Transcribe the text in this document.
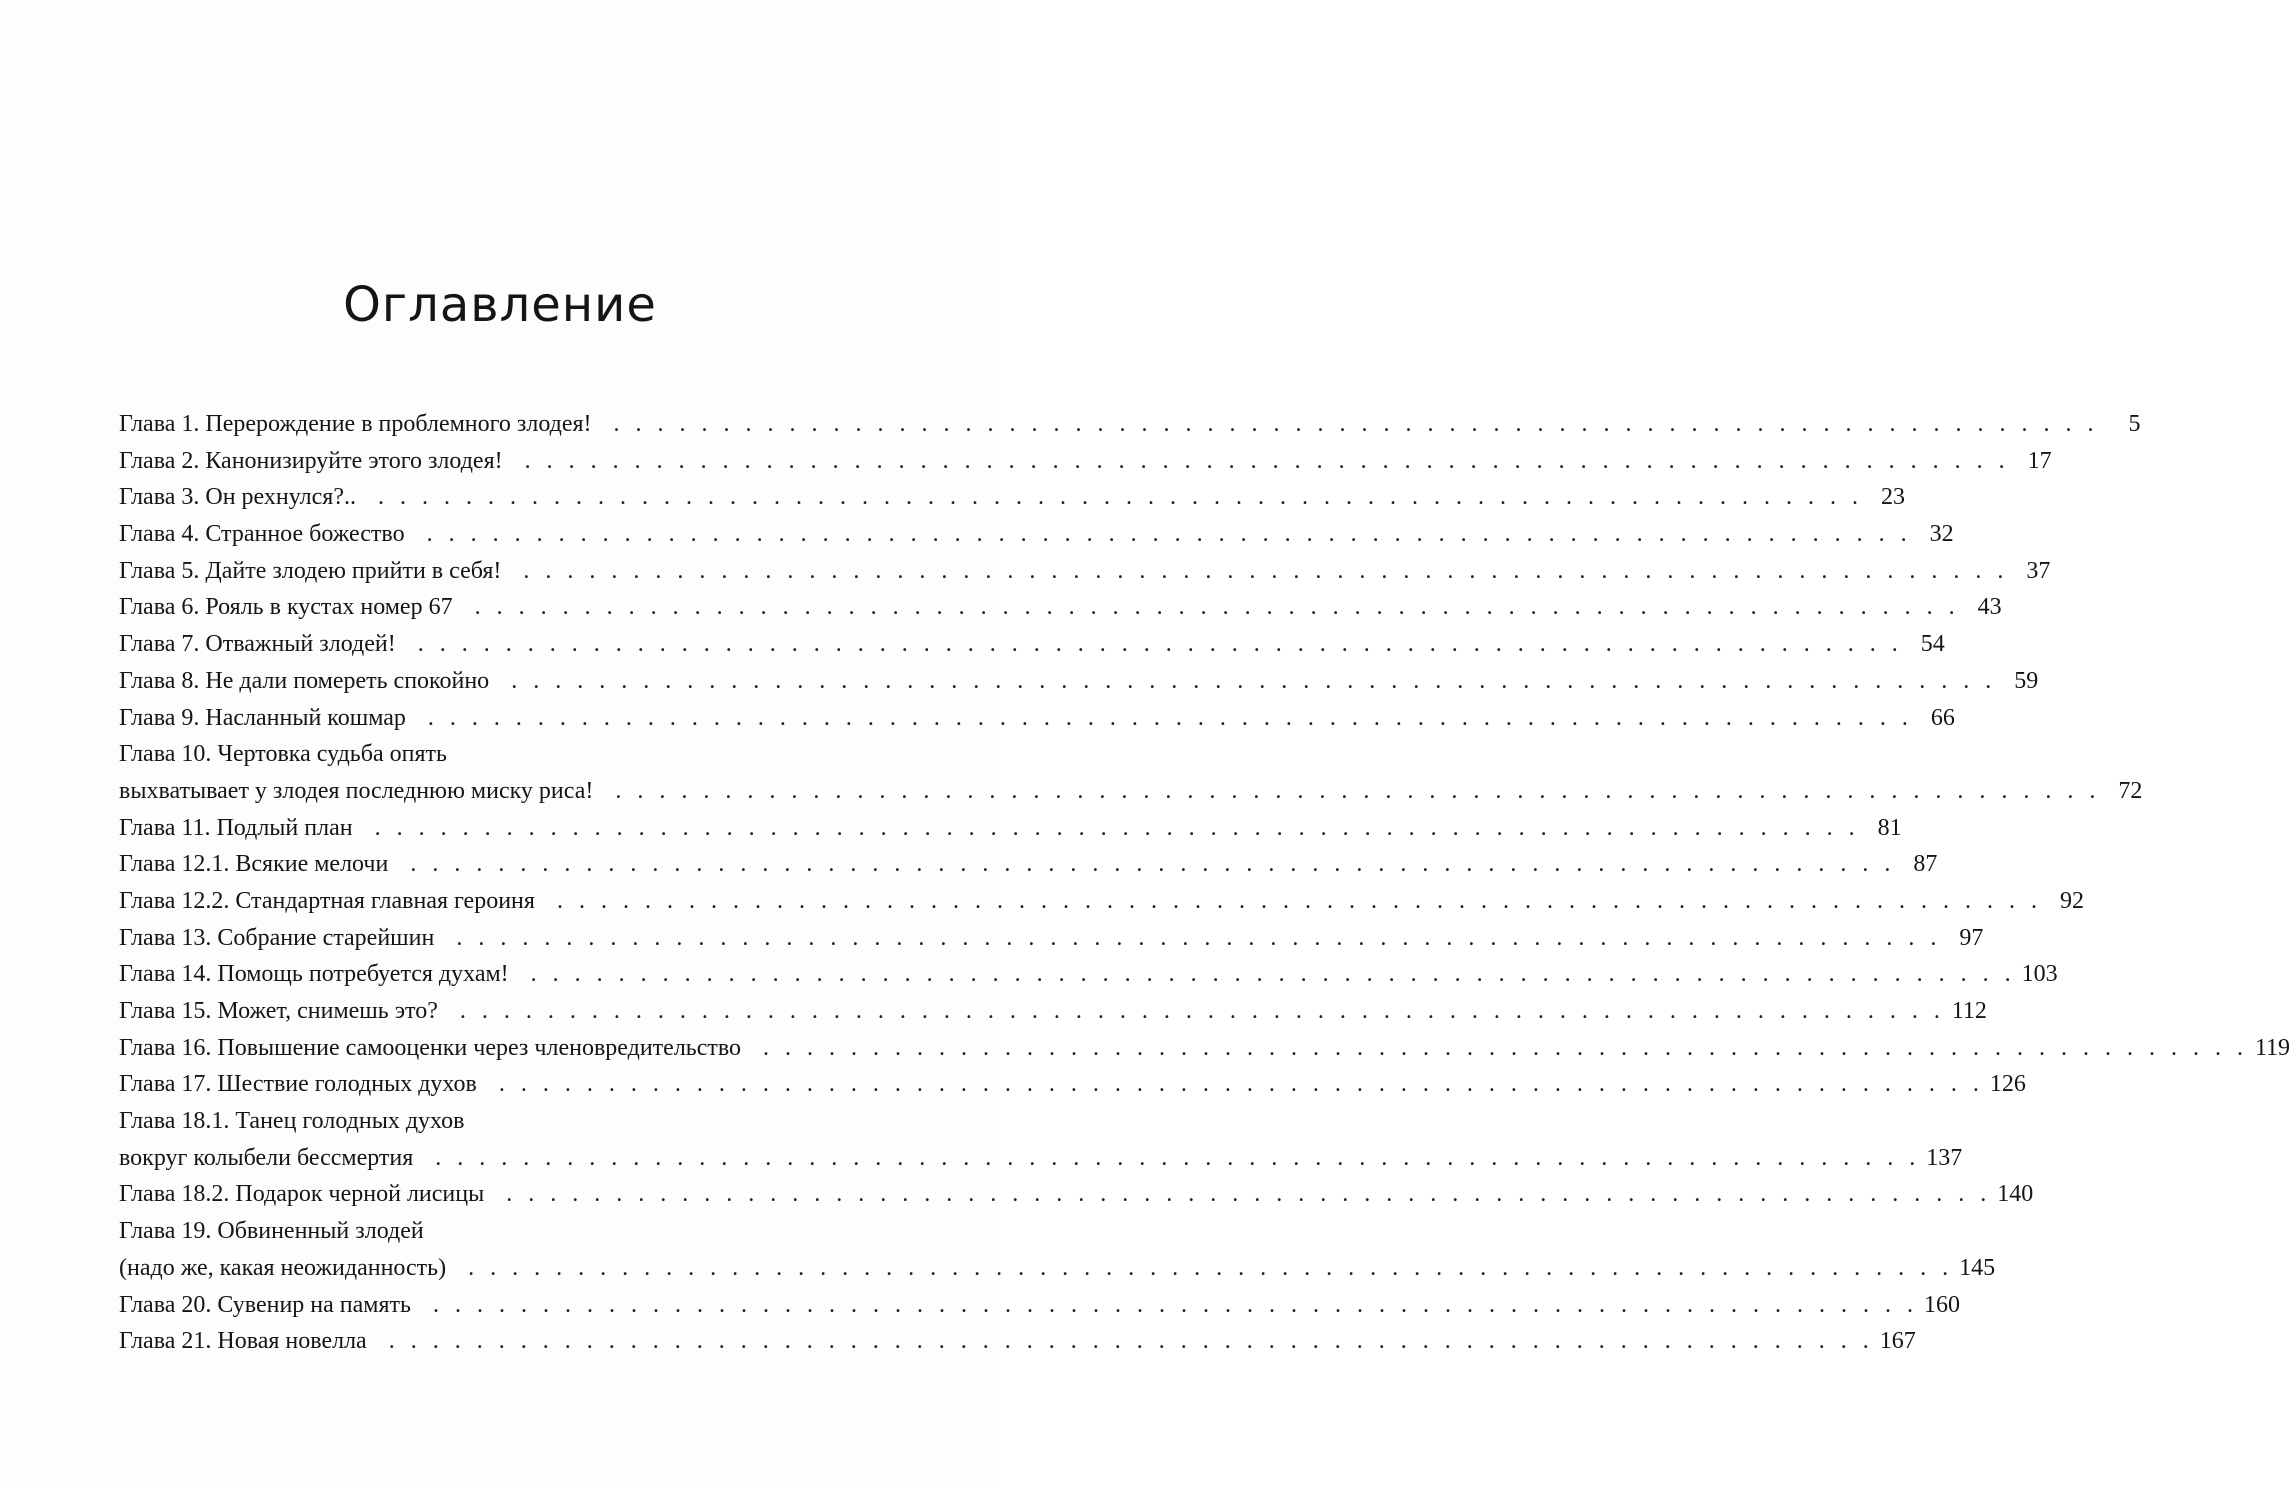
Оглавление
Глава 1. Перерождение в проблемного злодея! . . . . . . . . . . . . . . . . . . . . . . . . . . . . . . . . . . . . . . . . . . . . . . . . . . . . . . . . . . . . . . . . . . . .	5
Глава 2. Канонизируйте этого злодея! . . . . . . . . . . . . . . . . . . . . . . . . . . . . . . . . . . . . . . . . . . . . . . . . . . . . . . . . . . . . . . . . . . . . 17
Глава 3. Он рехнулся?.. . . . . . . . . . . . . . . . . . . . . . . . . . . . . . . . . . . . . . . . . . . . . . . . . . . . . . . . . . . . . . . . . . . . . 23
Глава 4. Странное божество . . . . . . . . . . . . . . . . . . . . . . . . . . . . . . . . . . . . . . . . . . . . . . . . . . . . . . . . . . . . . . . . . . . . 32
Глава 5. Дайте злодею прийти в себя! . . . . . . . . . . . . . . . . . . . . . . . . . . . . . . . . . . . . . . . . . . . . . . . . . . . . . . . . . . . . . . . . . . . . 37
Глава 6. Рояль в кустах номер 67 . . . . . . . . . . . . . . . . . . . . . . . . . . . . . . . . . . . . . . . . . . . . . . . . . . . . . . . . . . . . . . . . . . . . 43
Глава 7. Отважный злодей! . . . . . . . . . . . . . . . . . . . . . . . . . . . . . . . . . . . . . . . . . . . . . . . . . . . . . . . . . . . . . . . . . . . . 54
Глава 8. Не дали помереть спокойно . . . . . . . . . . . . . . . . . . . . . . . . . . . . . . . . . . . . . . . . . . . . . . . . . . . . . . . . . . . . . . . . . . . . 59
Глава 9. Насланный кошмар . . . . . . . . . . . . . . . . . . . . . . . . . . . . . . . . . . . . . . . . . . . . . . . . . . . . . . . . . . . . . . . . . . . . 66
Глава 10. Чертовка судьба опять
выхватывает у злодея последнюю миску риса! . . . . . . . . . . . . . . . . . . . . . . . . . . . . . . . . . . . . . . . . . . . . . . . . . . . . . . . . . . . . . . . . . . . . 72
Глава 11. Подлый план . . . . . . . . . . . . . . . . . . . . . . . . . . . . . . . . . . . . . . . . . . . . . . . . . . . . . . . . . . . . . . . . . . . . 81
Глава 12.1. Всякие мелочи . . . . . . . . . . . . . . . . . . . . . . . . . . . . . . . . . . . . . . . . . . . . . . . . . . . . . . . . . . . . . . . . . . . . 87
Глава 12.2. Стандартная главная героиня . . . . . . . . . . . . . . . . . . . . . . . . . . . . . . . . . . . . . . . . . . . . . . . . . . . . . . . . . . . . . . . . . . . . 92
Глава 13. Собрание старейшин . . . . . . . . . . . . . . . . . . . . . . . . . . . . . . . . . . . . . . . . . . . . . . . . . . . . . . . . . . . . . . . . . . . . 97
Глава 14. Помощь потребуется духам! . . . . . . . . . . . . . . . . . . . . . . . . . . . . . . . . . . . . . . . . . . . . . . . . . . . . . . . . . . . . . . . . . . . . 103
Глава 15. Может, снимешь это? . . . . . . . . . . . . . . . . . . . . . . . . . . . . . . . . . . . . . . . . . . . . . . . . . . . . . . . . . . . . . . . . . . . . 112
Глава 16. Повышение самооценки через членовредительство . . . . . . . . . . . . . . . . . . . . . . . . . . . . . . . . . . . . . . . . . . . . . . . . . . . . . . . . . . . . . . . . . . . . 119
Глава 17. Шествие голодных духов . . . . . . . . . . . . . . . . . . . . . . . . . . . . . . . . . . . . . . . . . . . . . . . . . . . . . . . . . . . . . . . . . . . . 126
Глава 18.1. Танец голодных духов
вокруг колыбели бессмертия . . . . . . . . . . . . . . . . . . . . . . . . . . . . . . . . . . . . . . . . . . . . . . . . . . . . . . . . . . . . . . . . . . . . 137
Глава 18.2. Подарок черной лисицы . . . . . . . . . . . . . . . . . . . . . . . . . . . . . . . . . . . . . . . . . . . . . . . . . . . . . . . . . . . . . . . . . . . . 140
Глава 19. Обвиненный злодей
(надо же, какая неожиданность) . . . . . . . . . . . . . . . . . . . . . . . . . . . . . . . . . . . . . . . . . . . . . . . . . . . . . . . . . . . . . . . . . . . . 145
Глава 20. Сувенир на память . . . . . . . . . . . . . . . . . . . . . . . . . . . . . . . . . . . . . . . . . . . . . . . . . . . . . . . . . . . . . . . . . . . . 160
Глава 21. Новая новелла . . . . . . . . . . . . . . . . . . . . . . . . . . . . . . . . . . . . . . . . . . . . . . . . . . . . . . . . . . . . . . . . . . . . 167
